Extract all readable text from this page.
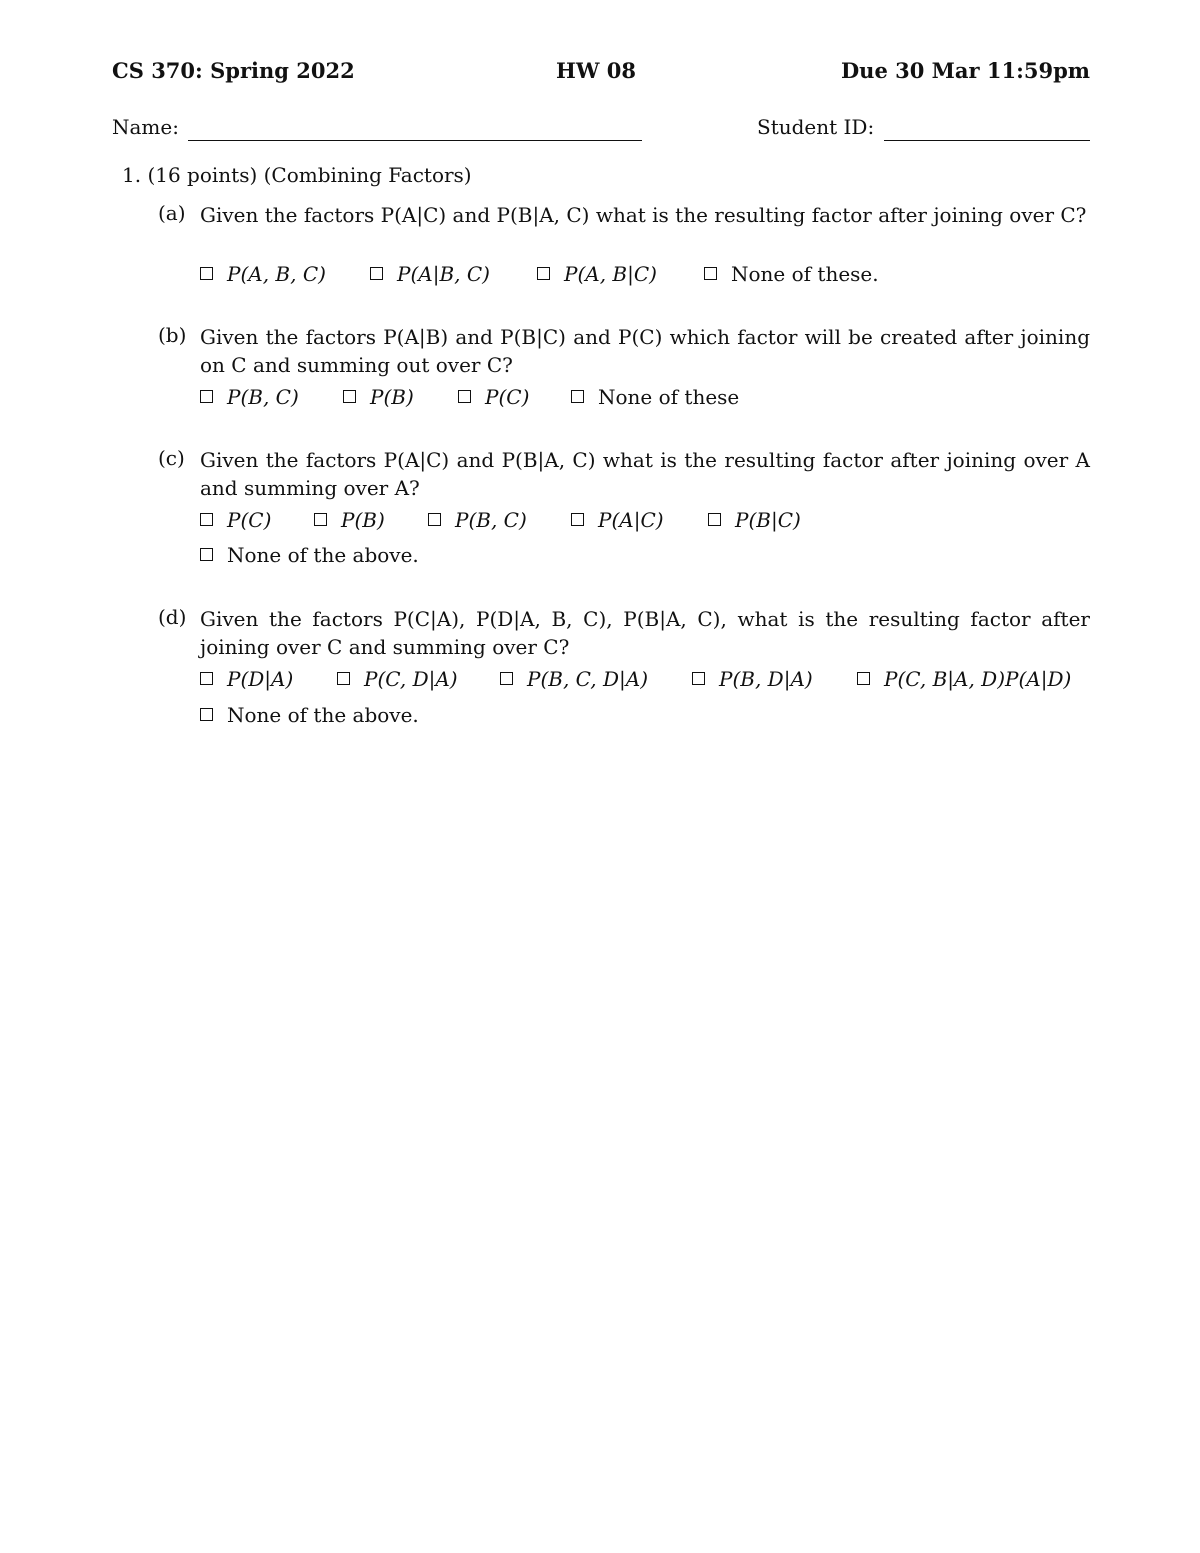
CS 370: Spring 2022	HW 08	Due 30 Mar 11:59pm
Name:	Student ID:
1. (16 points) (Combining Factors)
(a) Given the factors P(A|C) and P(B|A, C) what is the resulting factor after joining over C?
P(A, B, C)	P(A|B, C)	P(A, B|C)	None of these.
(b) Given the factors P(A|B) and P(B|C) and P(C) which factor will be created after joining on C and summing out over C?
P(B, C)	P(B)	P(C)	None of these
(c) Given the factors P(A|C) and P(B|A, C) what is the resulting factor after joining over A and summing over A?
P(C)	P(B)	P(B, C)	P(A|C)	P(B|C)
None of the above.
(d) Given the factors P(C|A), P(D|A, B, C), P(B|A, C), what is the resulting factor after joining over C and summing over C?
P(D|A)	P(C, D|A)	P(B, C, D|A)	P(B, D|A)	P(C, B|A, D)P(A|D)
None of the above.
